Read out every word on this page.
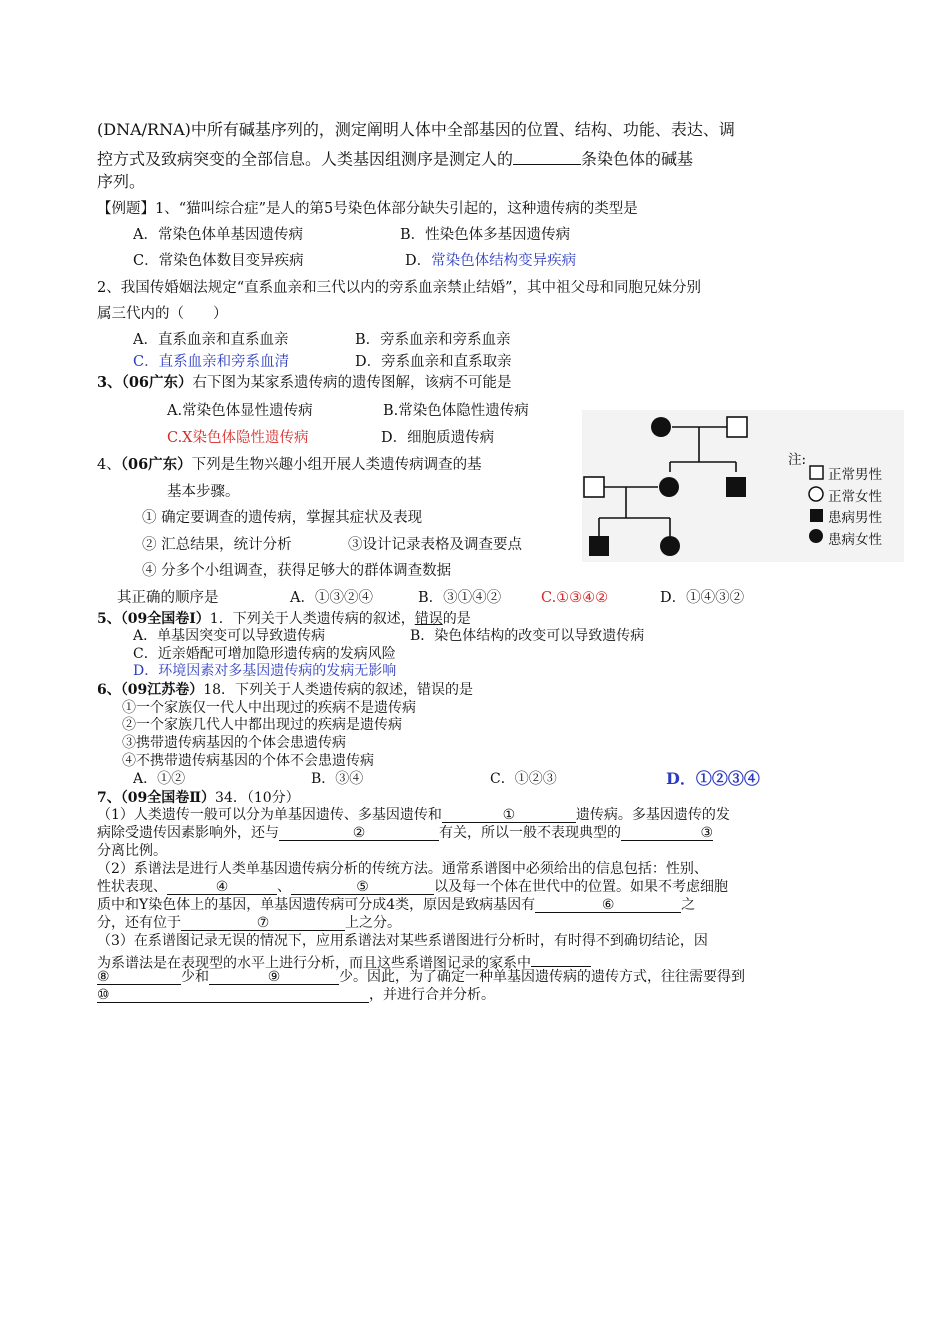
(DNA/RNA)中所有碱基序列的，测定阐明人体中全部基因的位置、结构、功能、表达、调
控方式及致病突变的全部信息。人类基因组测序是测定人的	条染色体的碱基
序列。
【例题】1、“猫叫综合症”是人的第5号染色体部分缺失引起的，这种遗传病的类型是
A．常染色体单基因遗传病	B．性染色体多基因遗传病
C．常染色体数目变异疾病	D．常染色体结构变异疾病
2、我国传婚姻法规定“直系血亲和三代以内的旁系血亲禁止结婚”，其中祖父母和同胞兄妹分别
属三代内的（　　）
A．直系血亲和直系血亲	B．旁系血亲和旁系血亲
C．直系血亲和旁系血清	D．旁系血亲和直系取亲
3、（06广东）右下图为某家系遗传病的遗传图解，该病不可能是
A.常染色体显性遗传病	B.常染色体隐性遗传病
C.X染色体隐性遗传病	D．细胞质遗传病
4、（06广东）下列是生物兴趣小组开展人类遗传病调查的基
基本步骤。
① 确定要调查的遗传病，掌握其症状及表现
② 汇总结果，统计分析	③设计记录表格及调查要点
④ 分多个小组调查，获得足够大的群体调查数据
其正确的顺序是	A．①③②④	B．③①④②	C.①③④②	D．①④③②
注:
正常男性
正常女性
患病男性
患病女性
5、（09全国卷Ⅰ）1．下列关于人类遗传病的叙述，错误的是
A．单基因突变可以导致遗传病	B．染色体结构的改变可以导致遗传病
C．近亲婚配可增加隐形遗传病的发病风险
D．环境因素对多基因遗传病的发病无影响
6、（09江苏卷）18．下列关于人类遗传病的叙述，错误的是
①一个家族仅一代人中出现过的疾病不是遗传病
②一个家族几代人中都出现过的疾病是遗传病
③携带遗传病基因的个体会患遗传病
④不携带遗传病基因的个体不会患遗传病
A．①②	B．③④	C．①②③	D．①②③④
7、（09全国卷Ⅱ）34．（10分）
（1）人类遗传一般可以分为单基因遗传、多基因遗传和	①	遗传病。多基因遗传的发
病除受遗传因素影响外，还与	②	有关，所以一般不表现典型的	③
分离比例。
（2）系谱法是进行人类单基因遗传病分析的传统方法。通常系谱图中必须给出的信息包括：性别、
性状表现、	④	、	⑤	以及每一个体在世代中的位置。如果不考虑细胞
质中和Y染色体上的基因，单基因遗传病可分成4类，原因是致病基因有	⑥	之
分，还有位于	⑦	上之分。
（3）在系谱图记录无误的情况下，应用系谱法对某些系谱图进行分析时，有时得不到确切结论，因
为系谱法是在表现型的水平上进行分析，而且这些系谱图记录的家系中
⑧	少和	⑨	少。因此，为了确定一种单基因遗传病的遗传方式，往往需要得到
⑩	，并进行合并分析。
